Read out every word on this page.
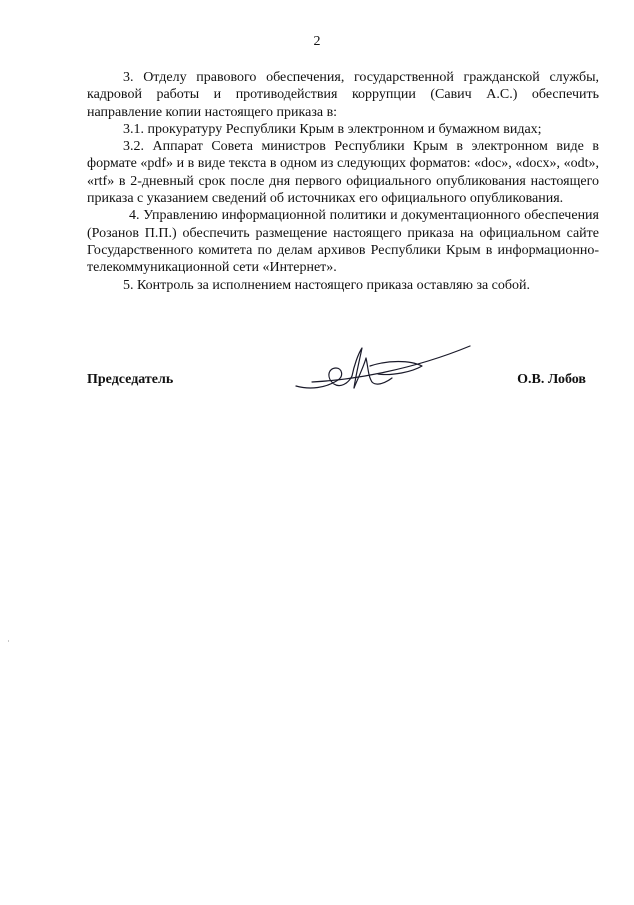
2

3. Отделу правового обеспечения, государственной гражданской службы, кадровой работы и противодействия коррупции (Савич А.С.) обеспечить направление копии настоящего приказа в:

3.1. прокуратуру Республики Крым в электронном и бумажном видах;

3.2. Аппарат Совета министров Республики Крым в электронном виде в формате «pdf» и в виде текста в одном из следующих форматов: «doc», «docx», «odt», «rtf» в 2-дневный срок после дня первого официального опубликования настоящего приказа с указанием сведений об источниках его официального опубликования.

4. Управлению информационной политики и документационного обеспечения (Розанов П.П.) обеспечить размещение настоящего приказа на официальном сайте Государственного комитета по делам архивов Республики Крым в информационно-телекоммуникационной сети «Интернет».

5. Контроль за исполнением настоящего приказа оставляю за собой.

Председатель	О.В. Лобов
